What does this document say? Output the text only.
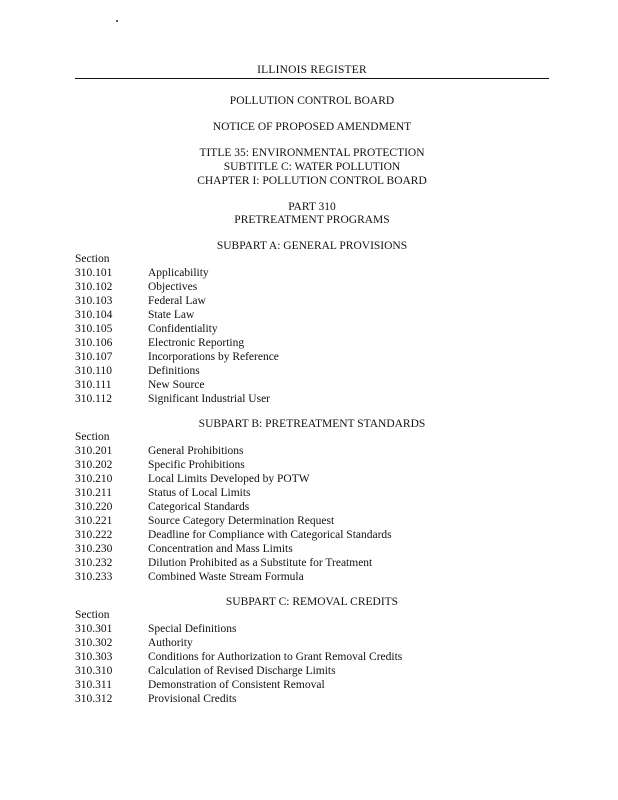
ILLINOIS REGISTER
POLLUTION CONTROL BOARD
NOTICE OF PROPOSED AMENDMENT
TITLE 35: ENVIRONMENTAL PROTECTION
SUBTITLE C: WATER POLLUTION
CHAPTER I: POLLUTION CONTROL BOARD
PART 310
PRETREATMENT PROGRAMS
SUBPART A: GENERAL PROVISIONS
Section
310.101	Applicability
310.102	Objectives
310.103	Federal Law
310.104	State Law
310.105	Confidentiality
310.106	Electronic Reporting
310.107	Incorporations by Reference
310.110	Definitions
310.111	New Source
310.112	Significant Industrial User
SUBPART B: PRETREATMENT STANDARDS
Section
310.201	General Prohibitions
310.202	Specific Prohibitions
310.210	Local Limits Developed by POTW
310.211	Status of Local Limits
310.220	Categorical Standards
310.221	Source Category Determination Request
310.222	Deadline for Compliance with Categorical Standards
310.230	Concentration and Mass Limits
310.232	Dilution Prohibited as a Substitute for Treatment
310.233	Combined Waste Stream Formula
SUBPART C: REMOVAL CREDITS
Section
310.301	Special Definitions
310.302	Authority
310.303	Conditions for Authorization to Grant Removal Credits
310.310	Calculation of Revised Discharge Limits
310.311	Demonstration of Consistent Removal
310.312	Provisional Credits
